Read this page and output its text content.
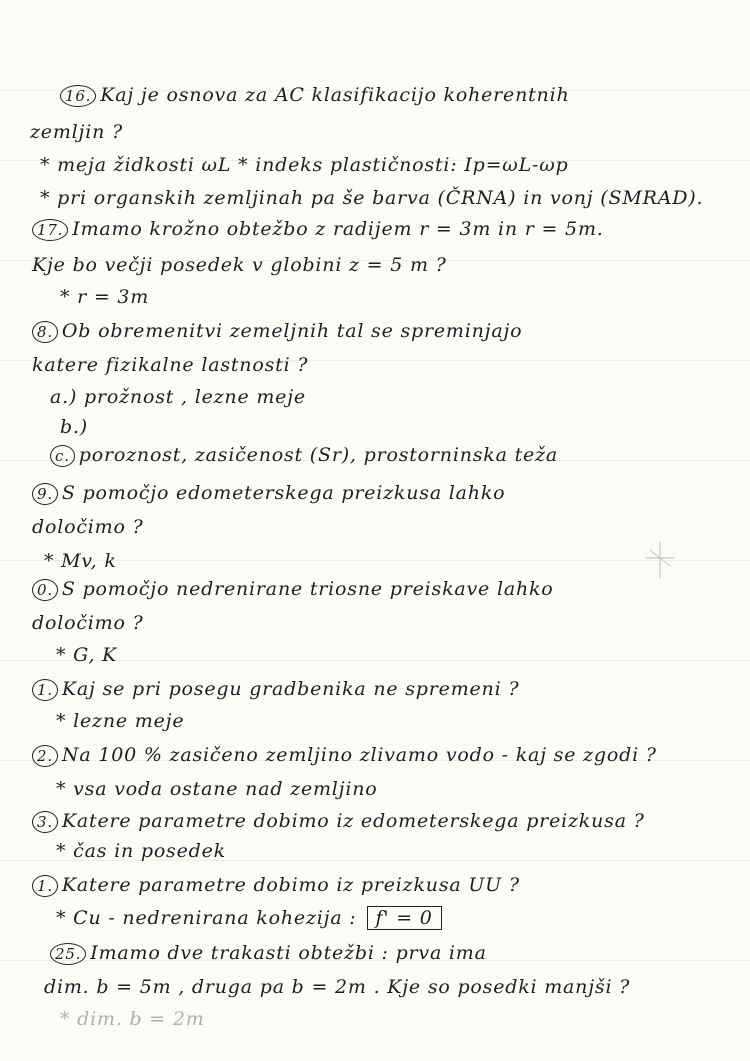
16. Kaj je osnova za AC klasifikacijo koherentnih
zemljin ?
* meja židkosti ωL * indeks plastičnosti: Ip=ωL-ωp
* pri organskih zemljinah pa še barva (ČRNA) in vonj (SMRAD).
17. Imamo krožno obtežbo z radijem r = 3m in r = 5m.
Kje bo večji posedek v globini z = 5 m ?
* r = 3m
8. Ob obremenitvi zemeljnih tal se spreminjajo
katere fizikalne lastnosti ?
a.) prožnost , lezne meje
b.)
c. poroznost, zasičenost (Sr), prostorninska teža
9. S pomočjo edometerskega preizkusa lahko
določimo ?
* Mv, k
0. S pomočjo nedrenirane triosne preiskave lahko
določimo ?
* G, K
1. Kaj se pri posegu gradbenika ne spremeni ?
* lezne meje
2. Na 100 % zasičeno zemljino zlivamo vodo - kaj se zgodi ?
* vsa voda ostane nad zemljino
3. Katere parametre dobimo iz edometerskega preizkusa ?
* čas in posedek
1. Katere parametre dobimo iz preizkusa UU ?
* Cu - nedrenirana kohezija : f' = 0
25. Imamo dve trakasti obtežbi : prva ima
dim. b = 5m , druga pa b = 2m . Kje so posedki manjši ?
* dim. b = 2m
